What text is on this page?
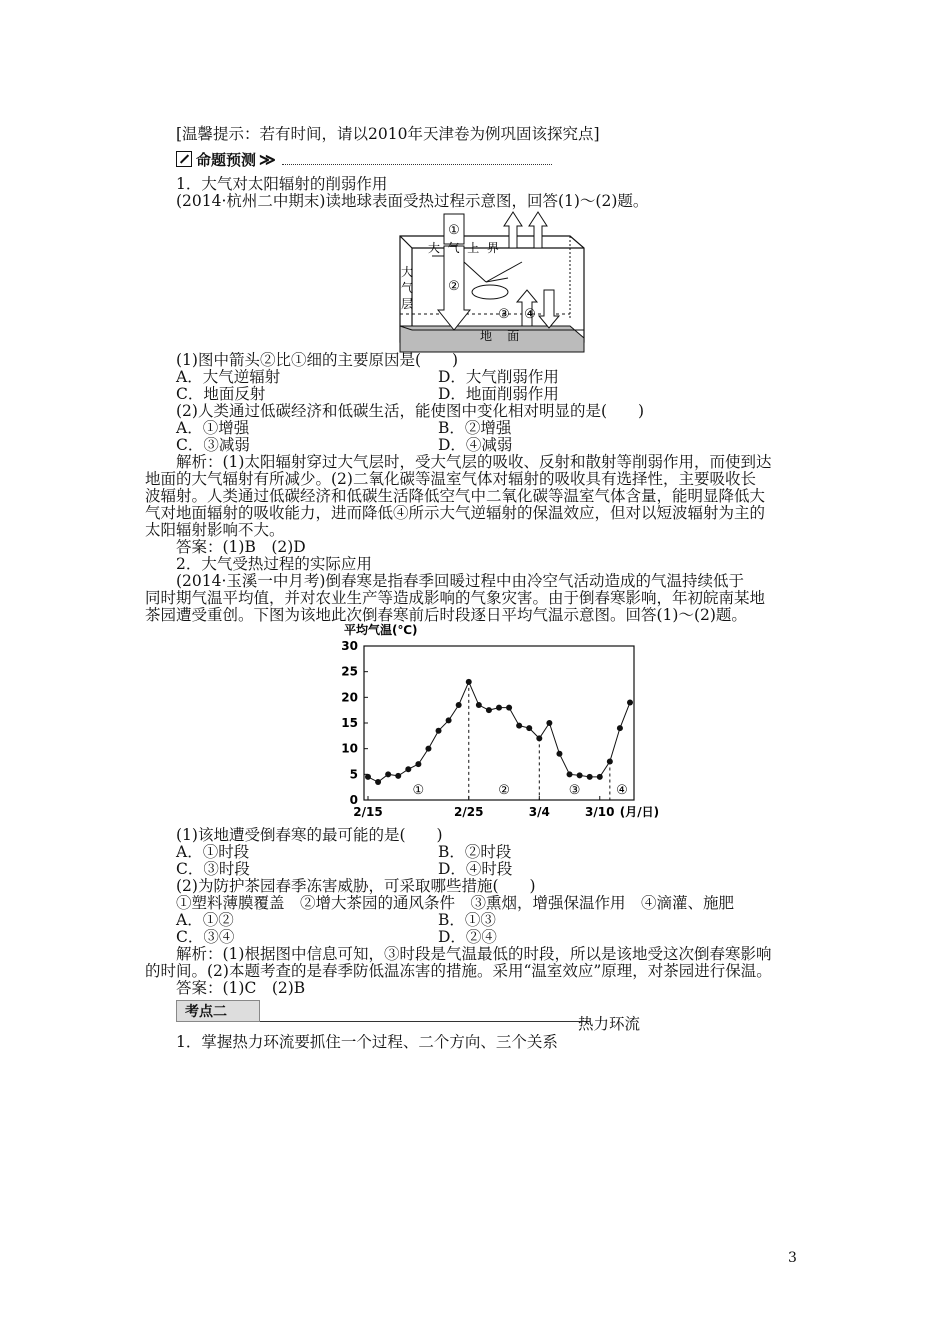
[温馨提示：若有时间，请以2010年天津卷为例巩固该探究点]
命题预测 ≫
1．大气对太阳辐射的削弱作用
(2014·杭州二中期末)读地球表面受热过程示意图，回答(1)～(2)题。
①
②
③ ④
大  气  上  界
大
气
层
地    面
(1)图中箭头②比①细的主要原因是(　　)
A．大气逆辐射	D．大气削弱作用
C．地面反射	D．地面削弱作用
(2)人类通过低碳经济和低碳生活，能使图中变化相对明显的是(　　)
A．①增强	B．②增强
C．③减弱	D．④减弱
解析：(1)太阳辐射穿过大气层时，受大气层的吸收、反射和散射等削弱作用，而使到达
地面的大气辐射有所减少。(2)二氧化碳等温室气体对辐射的吸收具有选择性，主要吸收长
波辐射。人类通过低碳经济和低碳生活降低空气中二氧化碳等温室气体含量，能明显降低大
气对地面辐射的吸收能力，进而降低④所示大气逆辐射的保温效应，但对以短波辐射为主的
太阳辐射影响不大。
答案：(1)B　(2)D
2．大气受热过程的实际应用
(2014·玉溪一中月考)倒春寒是指春季回暖过程中由冷空气活动造成的气温持续低于
同时期气温平均值，并对农业生产等造成影响的气象灾害。由于倒春寒影响，年初皖南某地
茶园遭受重创。下图为该地此次倒春寒前后时段逐日平均气温示意图。回答(1)～(2)题。
平均气温(℃)
0
5
10
15
20
25
30
2/15	2/25	3/4	3/10 (月/日)
①	②	③	④
(1)该地遭受倒春寒的最可能的是(　　)
A．①时段	B．②时段
C．③时段	D．④时段
(2)为防护茶园春季冻害威胁，可采取哪些措施(　　)
①塑料薄膜覆盖　②增大茶园的通风条件　③熏烟，增强保温作用　④滴灌、施肥
A．①②	B．①③
C．③④	D．②④
解析：(1)根据图中信息可知，③时段是气温最低的时段，所以是该地受这次倒春寒影响
的时间。(2)本题考查的是春季防低温冻害的措施。采用“温室效应”原理，对茶园进行保温。
答案：(1)C　(2)B
考点二
热力环流
1．掌握热力环流要抓住一个过程、二个方向、三个关系
3
